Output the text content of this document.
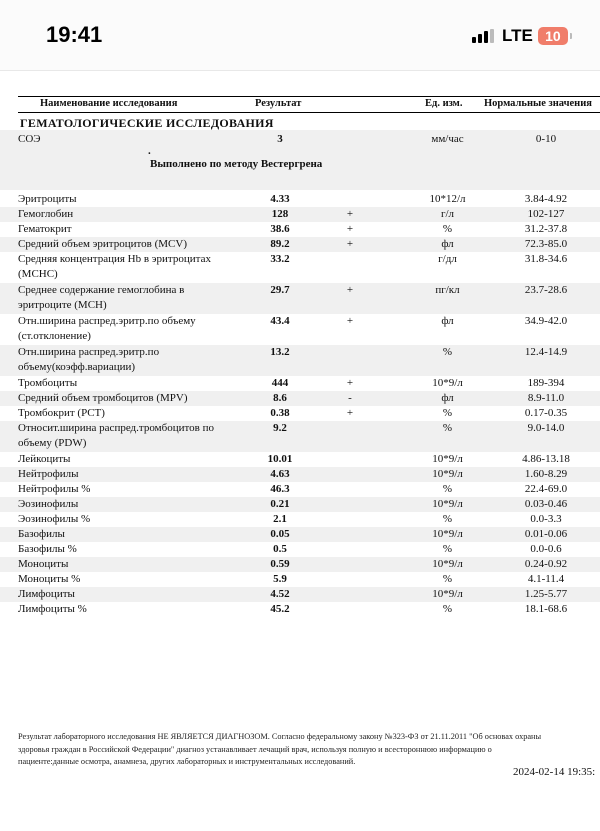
19:41	LTE 10
Наименование исследования	Результат	Ед. изм. Нормальные значения
ГЕМАТОЛОГИЧЕСКИЕ ИССЛЕДОВАНИЯ
СОЭ	3	мм/час	0-10
.
Выполнено по методу Вестергрена
Эритроциты	4.33	10*12/л	3.84-4.92
Гемоглобин	128	+	г/л	102-127
Гематокрит	38.6	+	%	31.2-37.8
Средний объем эритроцитов (MCV)	89.2	+	фл	72.3-85.0
Средняя концентрация Hb в эритроцитах (MCHC)
33.2	г/дл	31.8-34.6
Среднее содержание гемоглобина в эритроците (MCH)
29.7	+	пг/кл	23.7-28.6
Отн.ширина распред.эритр.по объему (ст.отклонение)
43.4	+	фл	34.9-42.0
Отн.ширина распред.эритр.по объему(коэфф.вариации)
13.2	%	12.4-14.9
Тромбоциты	444	+	10*9/л	189-394
Средний объем тромбоцитов (MPV)	8.6	-	фл	8.9-11.0
Тромбокрит (PCT)	0.38	+	%	0.17-0.35
Относит.ширина распред.тромбоцитов по объему (PDW)
9.2	%	9.0-14.0
Лейкоциты	10.01	10*9/л	4.86-13.18
Нейтрофилы	4.63	10*9/л	1.60-8.29
Нейтрофилы %	46.3	%	22.4-69.0
Эозинофилы	0.21	10*9/л	0.03-0.46
Эозинофилы %	2.1	%	0.0-3.3
Базофилы	0.05	10*9/л	0.01-0.06
Базофилы %	0.5	%	0.0-0.6
Моноциты	0.59	10*9/л	0.24-0.92
Моноциты %	5.9	%	4.1-11.4
Лимфоциты	4.52	10*9/л	1.25-5.77
Лимфоциты %	45.2	%	18.1-68.6
Результат лабораторного исследования НЕ ЯВЛЯЕТСЯ ДИАГНОЗОМ. Согласно федеральному закону №323-ФЗ от 21.11.2011 "Об основах охраны
здоровья граждан в Российской Федерации" диагноз устанавливает лечащий врач, используя полную и всестороннюю информацию о
пациенте:данные осмотра, анамнеза, других лабораторных и инструментальных исследований.
2024-02-14 19:35:
